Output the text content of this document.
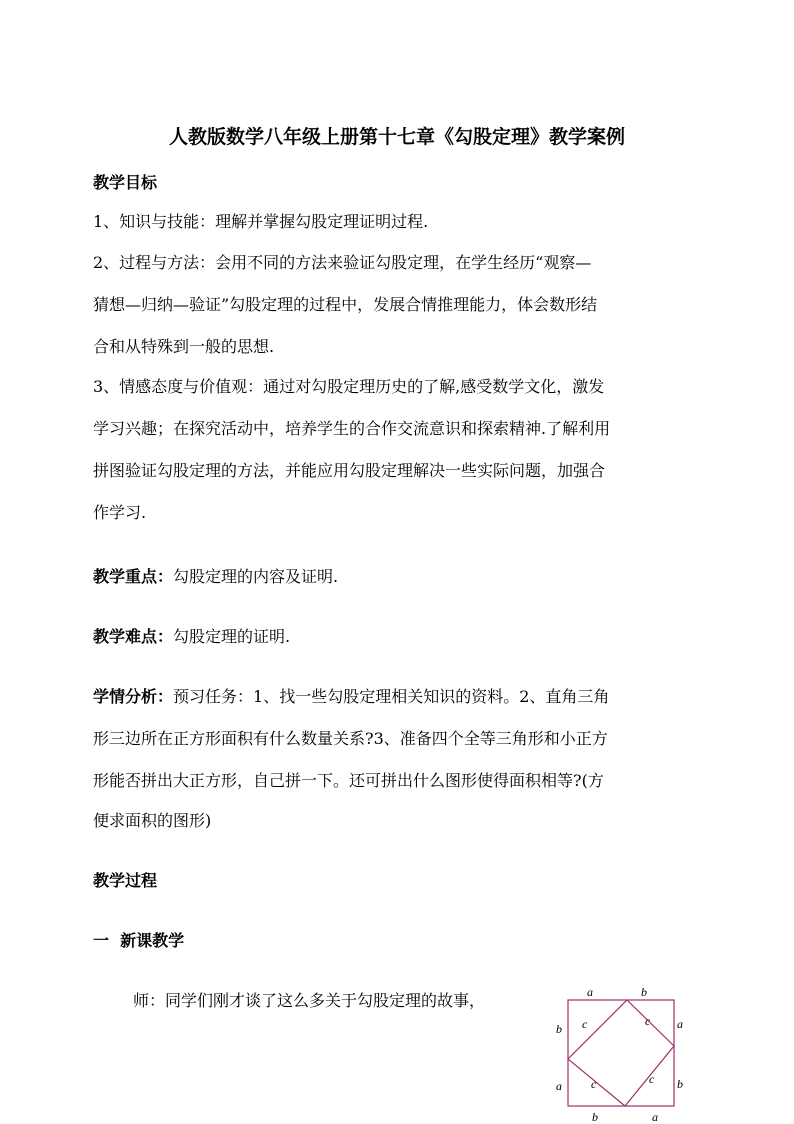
人教版数学八年级上册第十七章《勾股定理》教学案例
教学目标
1、知识与技能：理解并掌握勾股定理证明过程.
2、过程与方法：会用不同的方法来验证勾股定理，在学生经历“观察—
猜想—归纳—验证”勾股定理的过程中，发展合情推理能力，体会数形结
合和从特殊到一般的思想.
3、情感态度与价值观：通过对勾股定理历史的了解,感受数学文化，激发
学习兴趣；在探究活动中，培养学生的合作交流意识和探索精神.了解利用
拼图验证勾股定理的方法，并能应用勾股定理解决一些实际问题，加强合
作学习.
教学重点：勾股定理的内容及证明.
教学难点：勾股定理的证明.
学情分析：预习任务：1、找一些勾股定理相关知识的资料。2、直角三角
形三边所在正方形面积有什么数量关系?3、准备四个全等三角形和小正方
形能否拼出大正方形，自己拼一下。还可拼出什么图形使得面积相等?(方
便求面积的图形)
教学过程
一  新课教学
师：同学们刚才谈了这么多关于勾股定理的故事，	a	b
a
b
b	a
b
a
c	c
c	c
